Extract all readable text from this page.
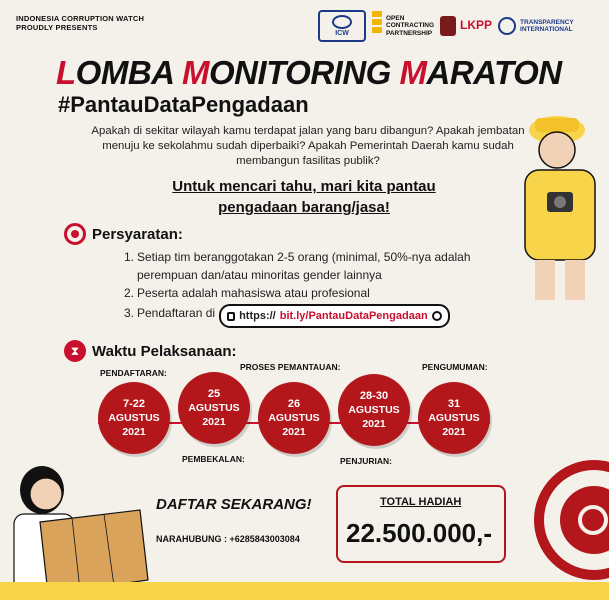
INDONESIA CORRUPTION WATCH
PROUDLY PRESENTS
ICW
OPEN
CONTRACTING
PARTNERSHIP
LKPP	TRANSPARENCY
INTERNATIONAL
LOMBA MONITORING MARATON
#PantauDataPengadaan
Apakah di sekitar wilayah kamu terdapat jalan yang baru dibangun? Apakah jembatan menuju ke sekolahmu sudah diperbaiki? Apakah Pemerintah Daerah kamu sudah membangun fasilitas publik?
Untuk mencari tahu, mari kita pantau
pengadaan barang/jasa!
Persyaratan:
1. Setiap tim beranggotakan 2-5 orang (minimal, 50%-nya adalah perempuan dan/atau minoritas gender lainnya
2. Peserta adalah mahasiswa atau profesional
3. Pendaftaran di https:// bit.ly/PantauDataPengadaan
⧗ Waktu Pelaksanaan:
PENDAFTARAN:
PROSES PEMANTAUAN:	PENGUMUMAN:
PEMBEKALAN:	PENJURIAN:
7-22
AGUSTUS
2021
25
AGUSTUS
2021
26
AGUSTUS
2021
28-30
AGUSTUS
2021
31
AGUSTUS
2021
DAFTAR SEKARANG!
NARAHUBUNG : +6285843003084
TOTAL HADIAH
22.500.000,-
